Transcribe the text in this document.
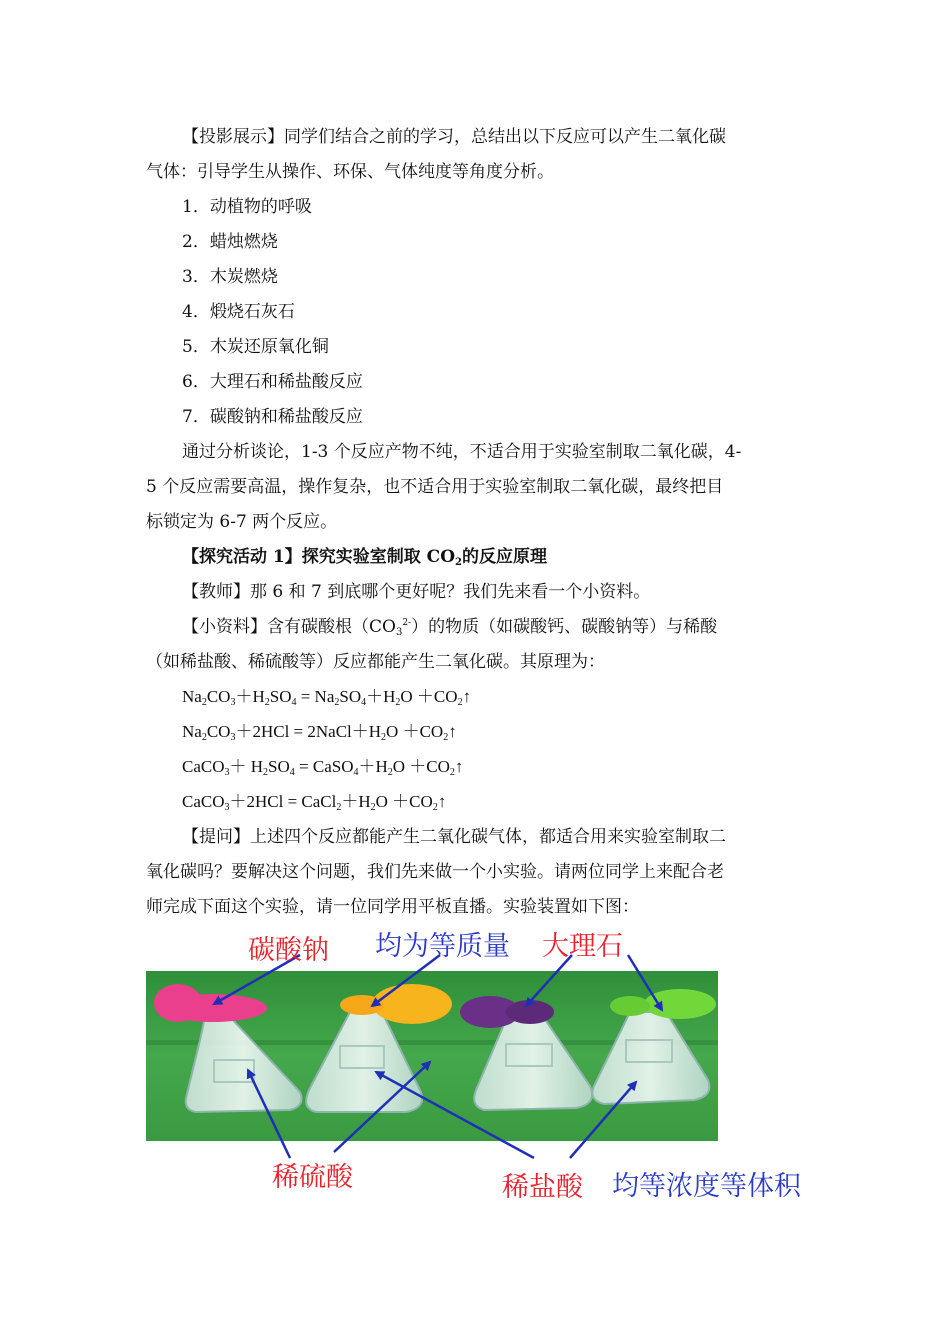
【投影展示】同学们结合之前的学习，总结出以下反应可以产生二氧化碳
气体：引导学生从操作、环保、气体纯度等角度分析。
1．动植物的呼吸
2．蜡烛燃烧
3．木炭燃烧
4．煅烧石灰石
5．木炭还原氧化铜
6．大理石和稀盐酸反应
7．碳酸钠和稀盐酸反应
通过分析谈论，1-3 个反应产物不纯，不适合用于实验室制取二氧化碳，4-
5 个反应需要高温，操作复杂，也不适合用于实验室制取二氧化碳，最终把目
标锁定为 6-7 两个反应。
【探究活动 1】探究实验室制取 $CO_2$的反应原理
【教师】那 6 和 7 到底哪个更好呢？我们先来看一个小资料。
【小资料】含有碳酸根$(CO_3^{2-})$的物质（如碳酸钙、碳酸钠等）与稀酸
（如稀盐酸、稀硫酸等）反应都能产生二氧化碳。其原理为：
$Na_2CO_3+H_2SO_4 = Na_2SO_4+H_2O$ $+CO_2↑$
$Na_2CO_3+2HCl$ = $2NaCl+H_2O$ $+CO_2↑$
CaCO$_3$＋ $H_2SO_4$ = $CaSO_4+H_2O$ $+CO_2↑$
CaCO$_3$＋2HCl = $CaCl_2+H_2O$ $+CO_2↑$
【提问】上述四个反应都能产生二氧化碳气体，都适合用来实验室制取二
氧化碳吗？要解决这个问题，我们先来做一个小实验。请两位同学上来配合老
师完成下面这个实验，请一位同学用平板直播。实验装置如下图：
碳酸钠 均为等质量 大理石
稀硫酸	稀盐酸 均等浓度等体积
